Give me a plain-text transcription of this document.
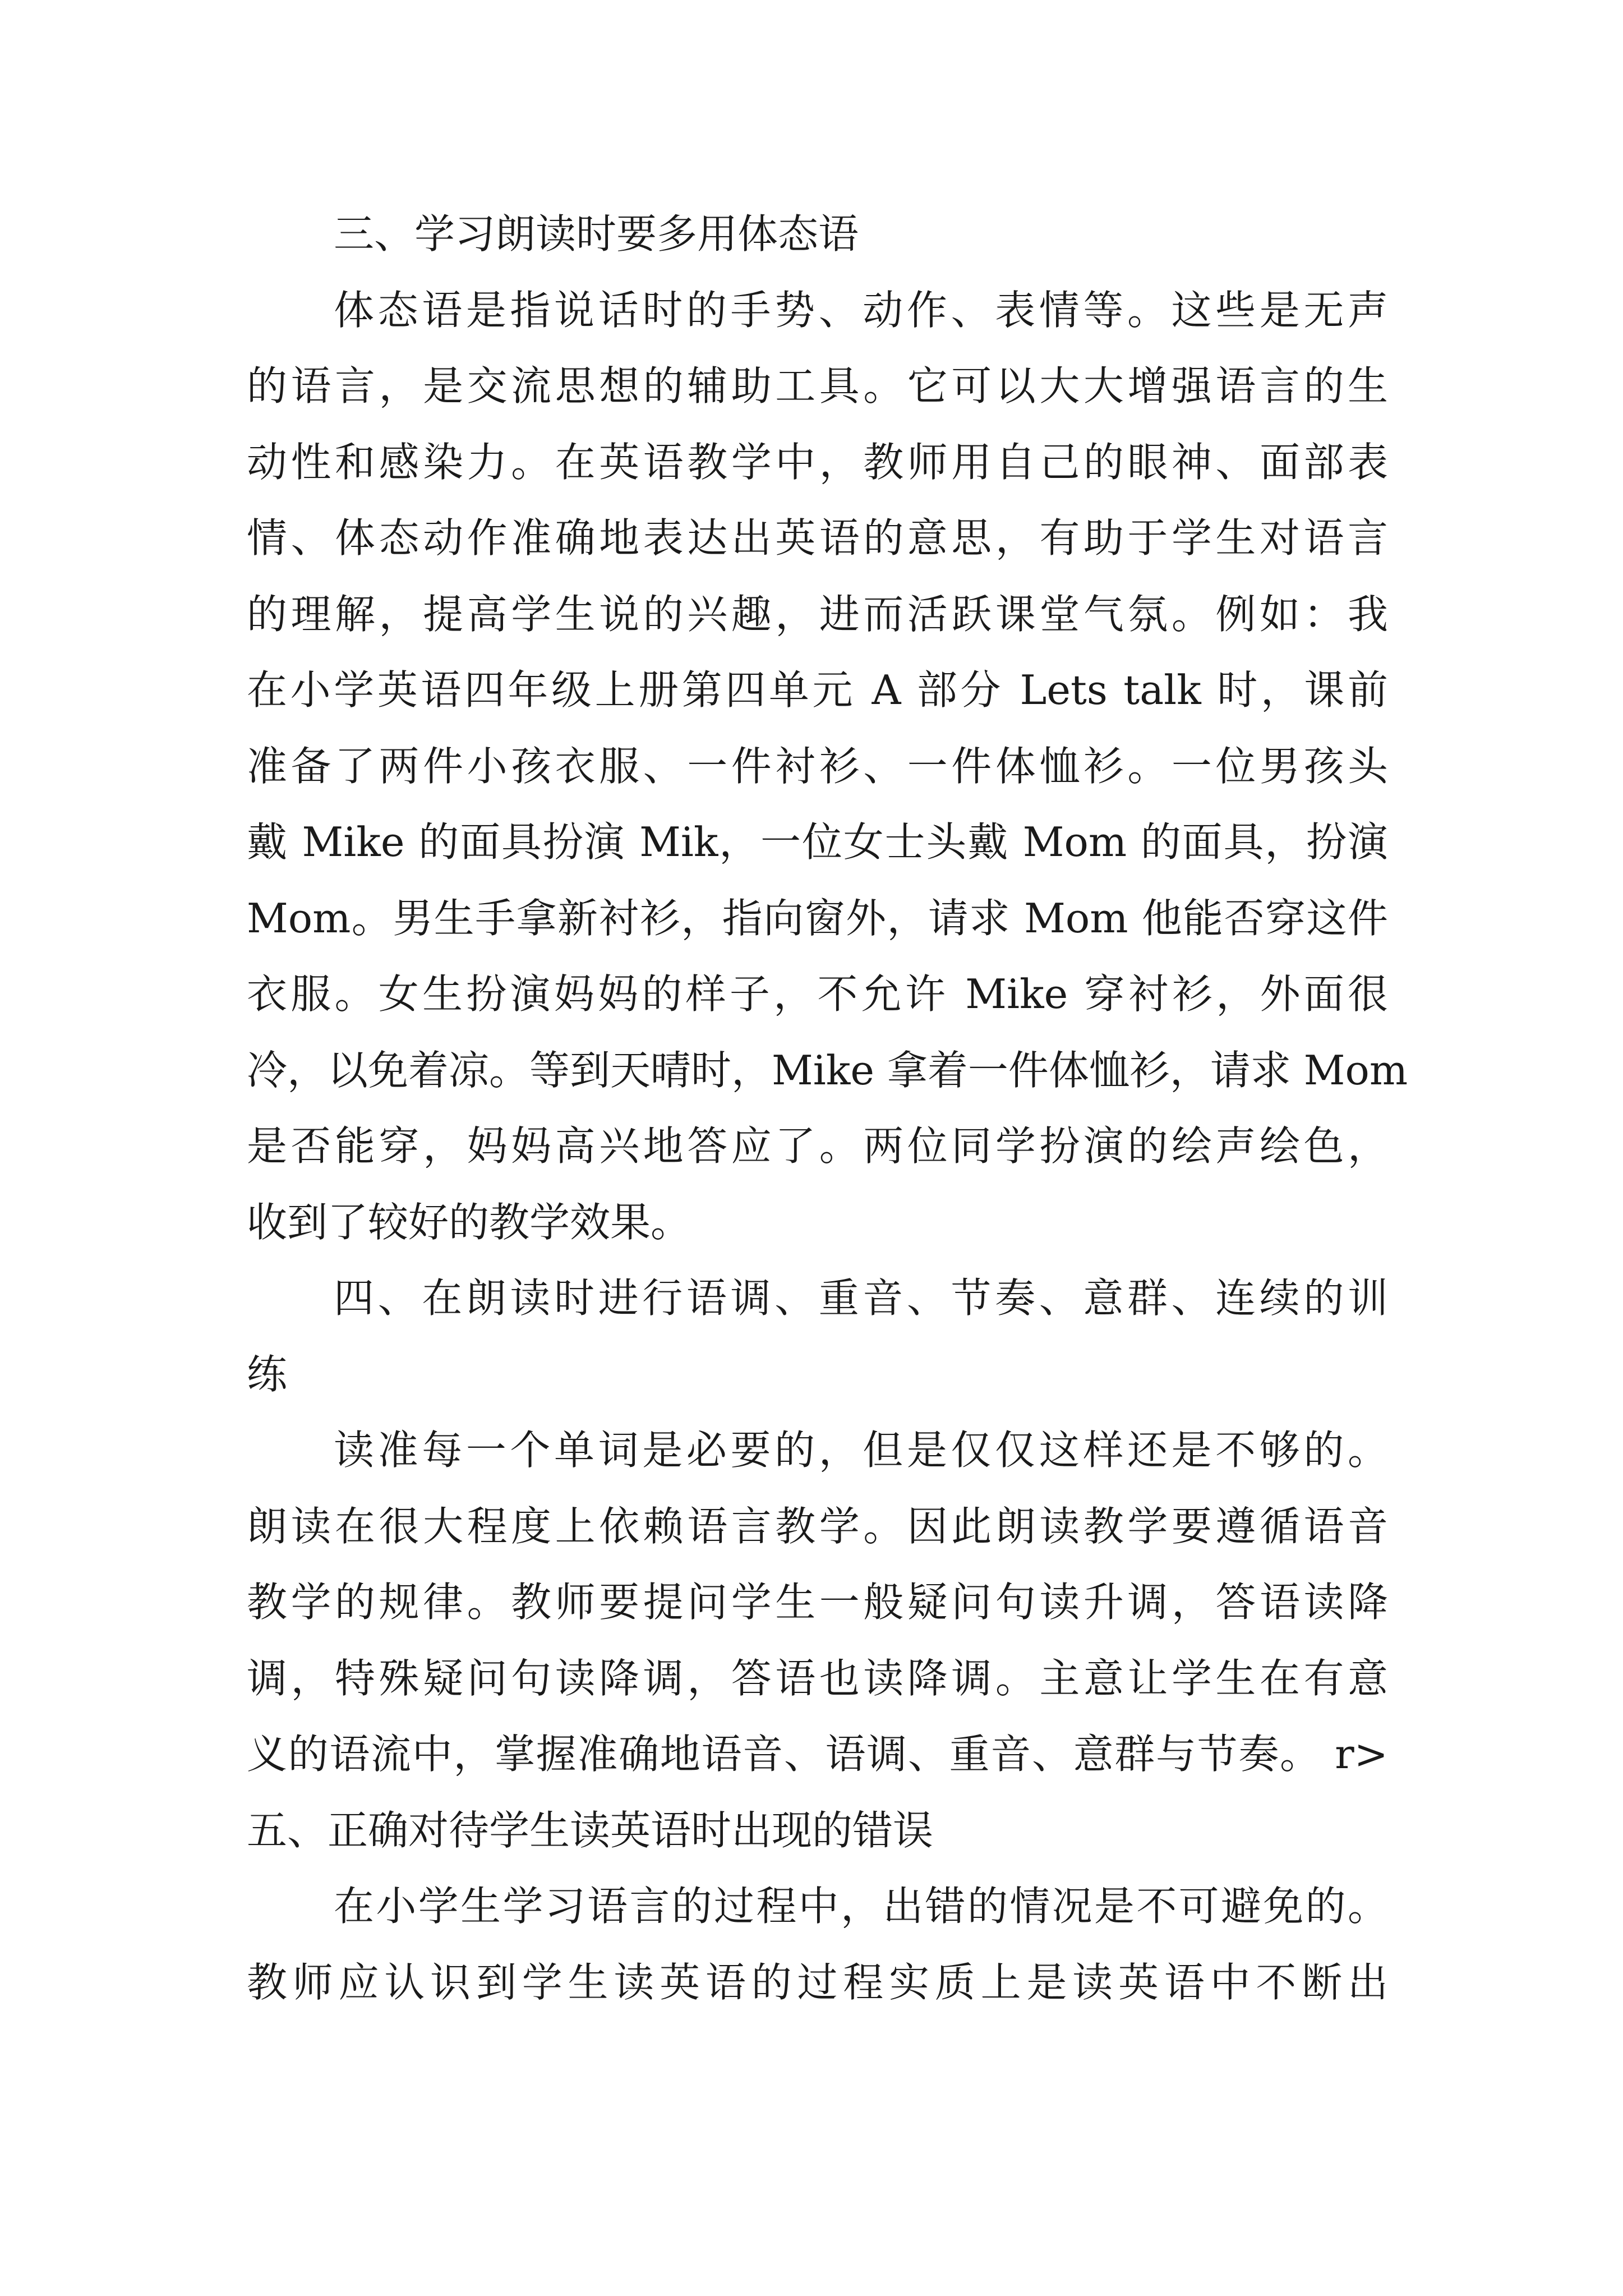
三、学习朗读时要多用体态语
体态语是指说话时的手势、动作、表情等。这些是无声
的语言，是交流思想的辅助工具。它可以大大增强语言的生
动性和感染力。在英语教学中，教师用自己的眼神、面部表
情、体态动作准确地表达出英语的意思，有助于学生对语言
的理解，提高学生说的兴趣，进而活跃课堂气氛。例如：我
在小学英语四年级上册第四单元 A 部分 Lets talk 时，课前
准备了两件小孩衣服、一件衬衫、一件体恤衫。一位男孩头
戴 Mike 的面具扮演 Mik，一位女士头戴 Mom 的面具，扮演
Mom。男生手拿新衬衫，指向窗外，请求 Mom 他能否穿这件
衣服。女生扮演妈妈的样子，不允许 Mike 穿衬衫，外面很
冷，以免着凉。等到天晴时，Mike 拿着一件体恤衫，请求 Mom
是否能穿，妈妈高兴地答应了。两位同学扮演的绘声绘色，
收到了较好的教学效果。
四、在朗读时进行语调、重音、节奏、意群、连续的训
练
读准每一个单词是必要的，但是仅仅这样还是不够的。
朗读在很大程度上依赖语言教学。因此朗读教学要遵循语音
教学的规律。教师要提问学生一般疑问句读升调，答语读降
调，特殊疑问句读降调，答语也读降调。主意让学生在有意
义的语流中，掌握准确地语音、语调、重音、意群与节奏。 r>
五、正确对待学生读英语时出现的错误
在小学生学习语言的过程中，出错的情况是不可避免的。
教师应认识到学生读英语的过程实质上是读英语中不断出
